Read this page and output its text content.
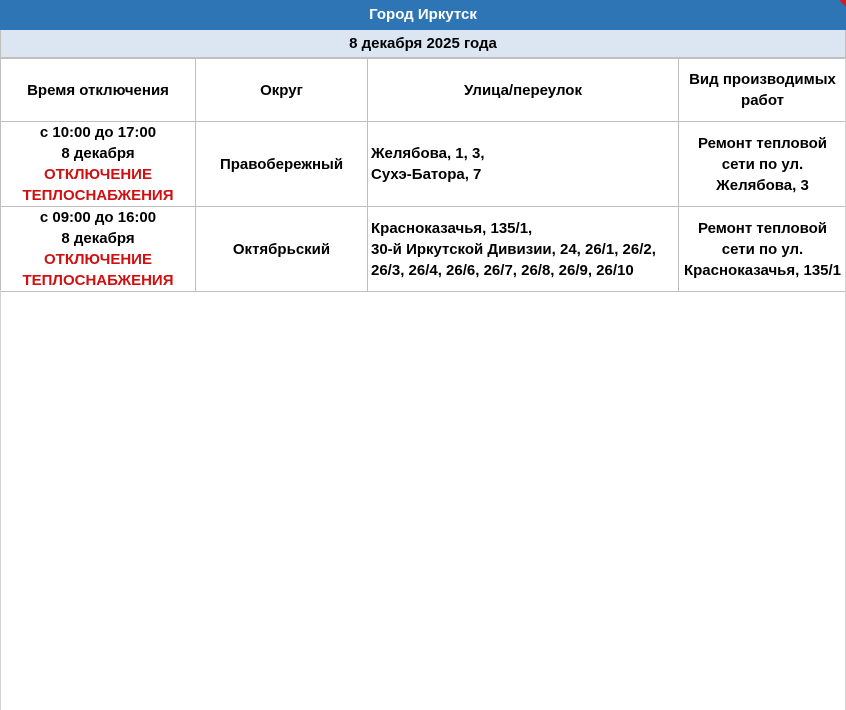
Город Иркутск
8 декабря 2025 года
Время отключения	Округ	Улица/переулок	Вид производимых работ

с 10:00 до 17:00
8 декабря
ОТКЛЮЧЕНИЕ
ТЕПЛОСНАБЖЕНИЯ	Правобережный	Желябова, 1, 3,
Сухэ-Батора, 7	Ремонт тепловой сети по ул. Желябова, 3

с 09:00 до 16:00
8 декабря
ОТКЛЮЧЕНИЕ
ТЕПЛОСНАБЖЕНИЯ	Октябрьский	Красноказачья, 135/1,
30-й Иркутской Дивизии, 24, 26/1, 26/2,
26/3, 26/4, 26/6, 26/7, 26/8, 26/9, 26/10	Ремонт тепловой сети по ул. Красноказачья, 135/1
